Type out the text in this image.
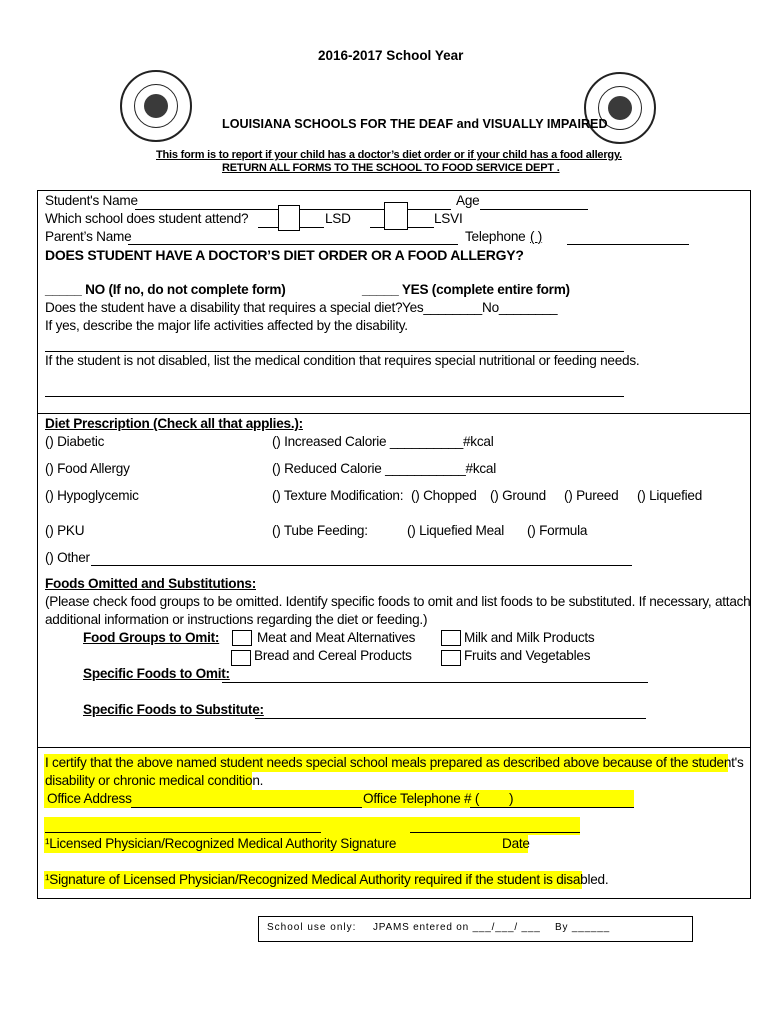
2016-2017 School Year
LOUISIANA SCHOOLS FOR THE DEAF and VISUALLY IMPAIRED
This form is to report if your child has a doctor’s diet order or if your child has a food allergy.
RETURN ALL FORMS TO THE SCHOOL TO FOOD SERVICE DEPT .
Student's Name	Age
Which school does student attend?	LSD	LSVI
Parent’s Name	Telephone ( )
DOES STUDENT HAVE A DOCTOR’S DIET ORDER OR A FOOD ALLERGY?
_____ NO (If no, do not complete form)	_____ YES (complete entire form)
Does the student have a disability that requires a special diet? Yes________ No________
If yes, describe the major life activities affected by the disability.
If the student is not disabled, list the medical condition that requires special nutritional or feeding needs.
Diet Prescription (Check all that applies.):
() Diabetic	() Increased Calorie __________#kcal
() Food Allergy	() Reduced Calorie ___________#kcal
() Hypoglycemic	() Texture Modification: () Chopped () Ground () Pureed () Liquefied
() PKU	() Tube Feeding:	() Liquefied Meal () Formula
() Other
Foods Omitted and Substitutions:
(Please check food groups to be omitted. Identify specific foods to omit and list foods to be substituted. If necessary, attach
additional information or instructions regarding the diet or feeding.)
Food Groups to Omit:	Meat and Meat Alternatives	Milk and Milk Products
Bread and Cereal Products	Fruits and Vegetables
Specific Foods to Omit:
Specific Foods to Substitute:
I certify that the above named student needs special school meals prepared as described above because of the student's
disability or chronic medical condition.
Office Address	Office Telephone # ( )
¹Licensed Physician/Recognized Medical Authority Signature	Date
¹Signature of Licensed Physician/Recognized Medical Authority required if the student is disabled.
School use only: JPAMS entered on ___/___/ ___ By ______
